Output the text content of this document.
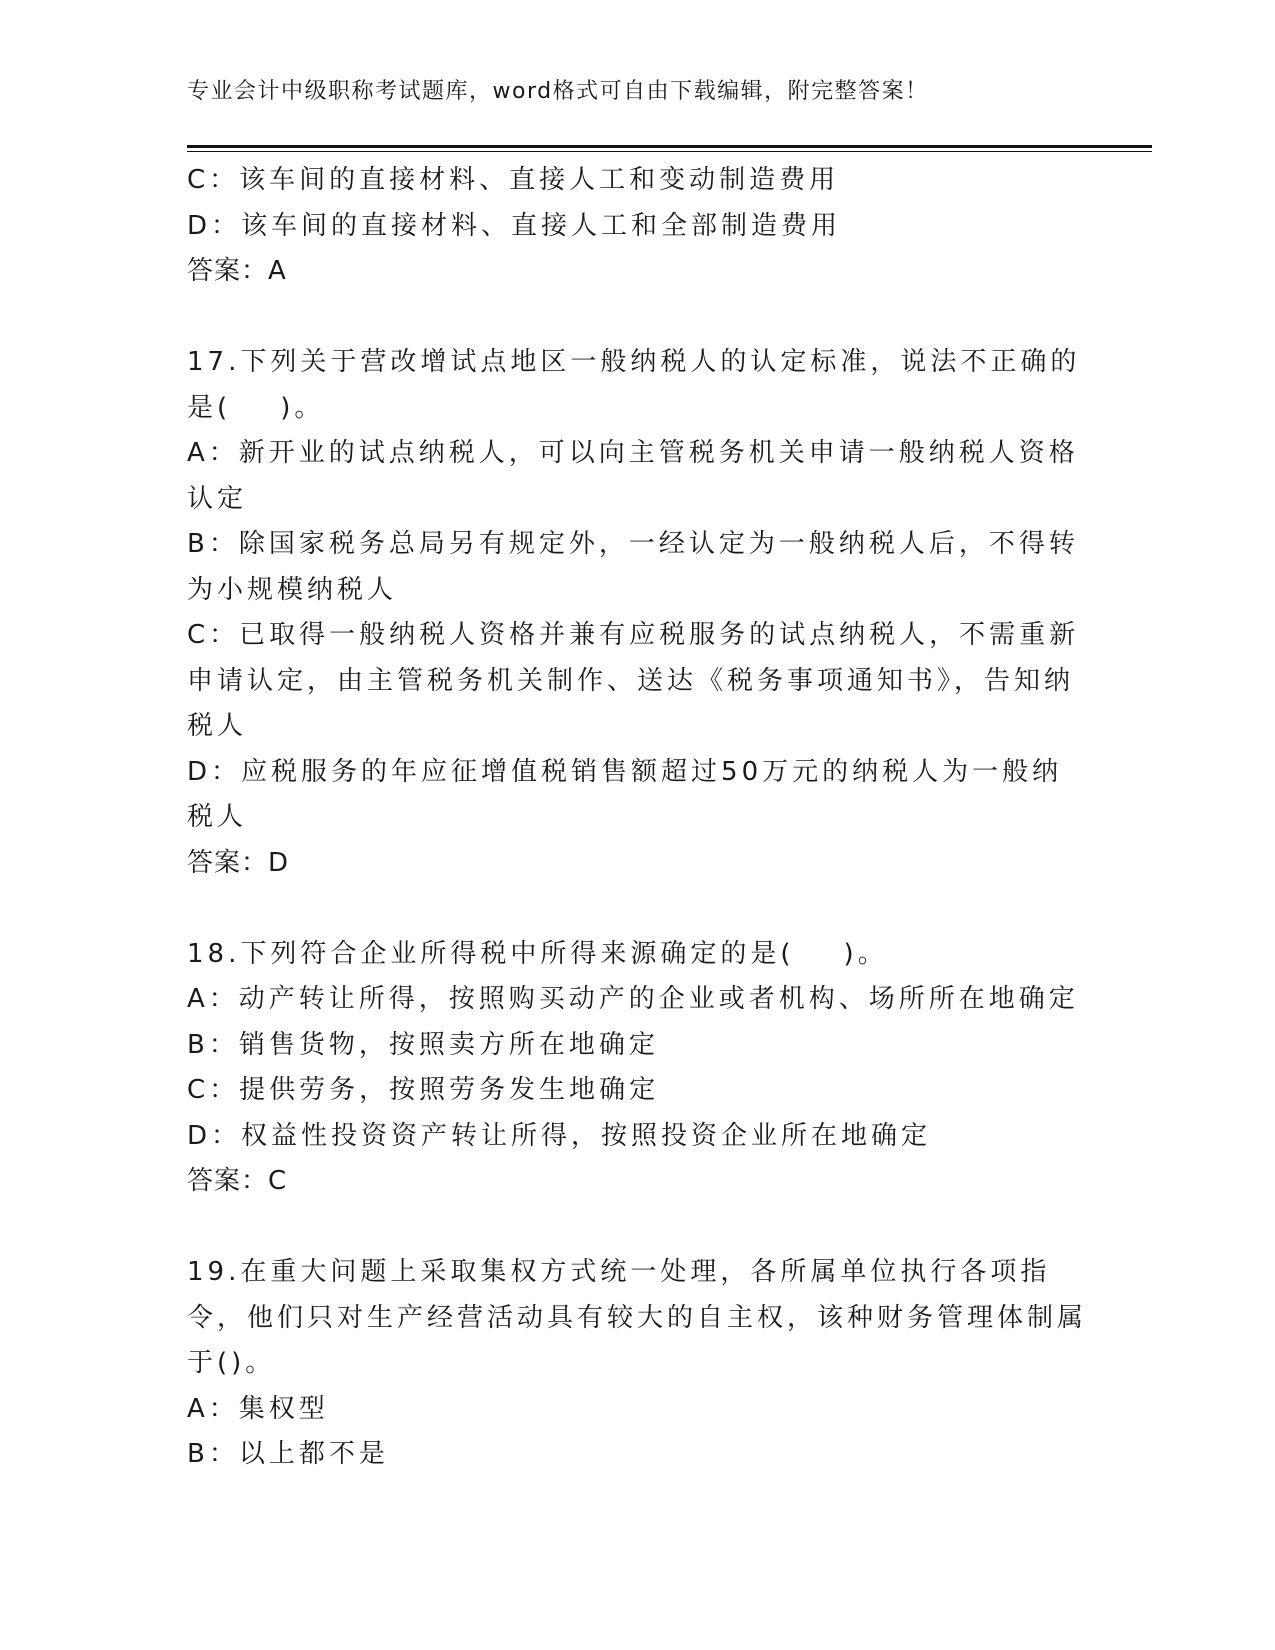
专业会计中级职称考试题库，word格式可自由下载编辑，附完整答案！
C：该车间的直接材料、直接人工和变动制造费用
D：该车间的直接材料、直接人工和全部制造费用
答案：A
17.下列关于营改增试点地区一般纳税人的认定标准，说法不正确的是(    )。
A：新开业的试点纳税人，可以向主管税务机关申请一般纳税人资格认定
B：除国家税务总局另有规定外，一经认定为一般纳税人后，不得转为小规模纳税人
C：已取得一般纳税人资格并兼有应税服务的试点纳税人，不需重新申请认定，由主管税务机关制作、送达《税务事项通知书》，告知纳税人
D：应税服务的年应征增值税销售额超过50万元的纳税人为一般纳税人
答案：D
18.下列符合企业所得税中所得来源确定的是(    )。
A：动产转让所得，按照购买动产的企业或者机构、场所所在地确定
B：销售货物，按照卖方所在地确定
C：提供劳务，按照劳务发生地确定
D：权益性投资资产转让所得，按照投资企业所在地确定
答案：C
19.在重大问题上采取集权方式统一处理，各所属单位执行各项指令，他们只对生产经营活动具有较大的自主权，该种财务管理体制属于()。
A：集权型
B：以上都不是
